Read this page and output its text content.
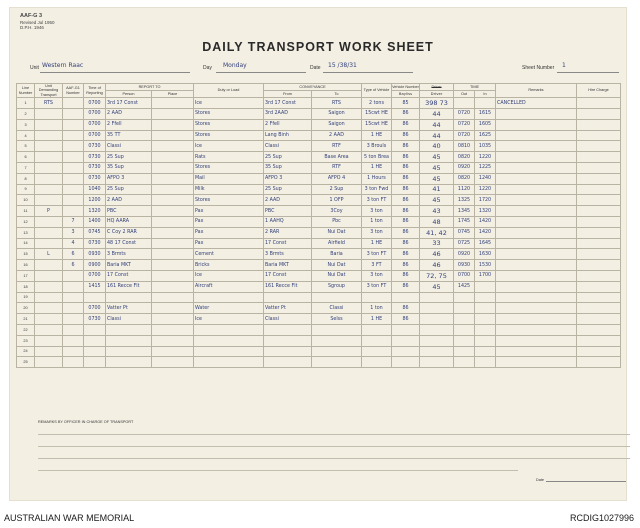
AAF-G 3
Revised Jul 1950
D.P.H. 1946
DAILY TRANSPORT WORK SHEET
Unit Western Raac	Day Monday	Date 15 /38/31	Sheet Number 1
Line Number	Unit Demanding Transport	AAF-G1 Number	Time of Reporting	REPORT TO		Duty or Load	CONVEYANCE		Type of Vehicle	Vehicle Number	Driver	TIME		Remarks	Hire Charge
				Person	Place		From	To				Out	In		
										Bayliss	Driver				
1	RTS		0700	3rd 17 Const		Ice	3rd 17 Const	RTS	2 tons	85	398 73			CANCELLED	
2			0700	2 AAD		Stores	3rd 2AAD	Saigon	15cwt HE	86	44	0720	1615		
3			0700	2 Ffell		Stores	2 Ffell	Saigon	15cwt HE	86	44	0720	1605		
4			0700	35 TT		Stores	Lang Binh	2 AAD	1 HE	86	44	0720	1625		
5			0730	Classi		Ice	Classi	RTF	3 Brouls	86	40	0810	1035		
6			0730	25 Sup		Rats	25 Sup	Base Area	5 ton Brea	86	45	0820	1220		
7			0730	35 Sup		Stores	35 Sup	RTF	1 HE	86	45	0920	1225		
8			0730	AFPO 3		Mail	AFPO 3	AFPO 4	1 Hours	86	45	0820	1240		
9			1040	25 Sup		Milk	25 Sup	2 Sup	3 ton Fwd	86	41	1120	1220		
10			1200	2 AAD		Stores	2 AAD	1 OFP	3 ton FT	86	45	1325	1720		
11	P		1320	PBC		Pax	PBC	3Coy	3 ton	86	43	1345	1320		
12		7	1400	HQ AARA		Pax	1 AAHQ	Pbc	1 ton	86	48	1745	1420		
13		3	0745	C Coy 2 RAR		Pax	2 RAR	Nui Dat	3 ton	86	41, 42	0745	1420		
14		4	0730	48 17 Const		Pax	17 Const	Airfield	1 HE	86	33	0725	1645		
15	L	6	0930	3 Brmts		Cement	3 Brmts	Baria	3 ton FT	86	46	0920	1630		
16		6	0900	Baria MKT		Bricks	Baria MKT	Nui Dat	3 FT	86	46	0930	1530		
17			0700	17 Const		Ice	17 Const	Nui Dat	3 ton	86	72, 75	0700	1700		
18			1415	161 Recce Flt		Aircraft	161 Recce Flt	Sgroup	3 ton FT	86	45	1425			
19															
20			0700	Vatter Pt		Water	Vatter Pt	Classi	1 ton	86					
21			0730	Classi		Ice	Classi	Selss	1 HE	86					
22															
23															
24															
25															
REMARKS BY OFFICER IN CHARGE OF TRANSPORT
Date
AUSTRALIAN WAR MEMORIAL	RCDIG1027996
